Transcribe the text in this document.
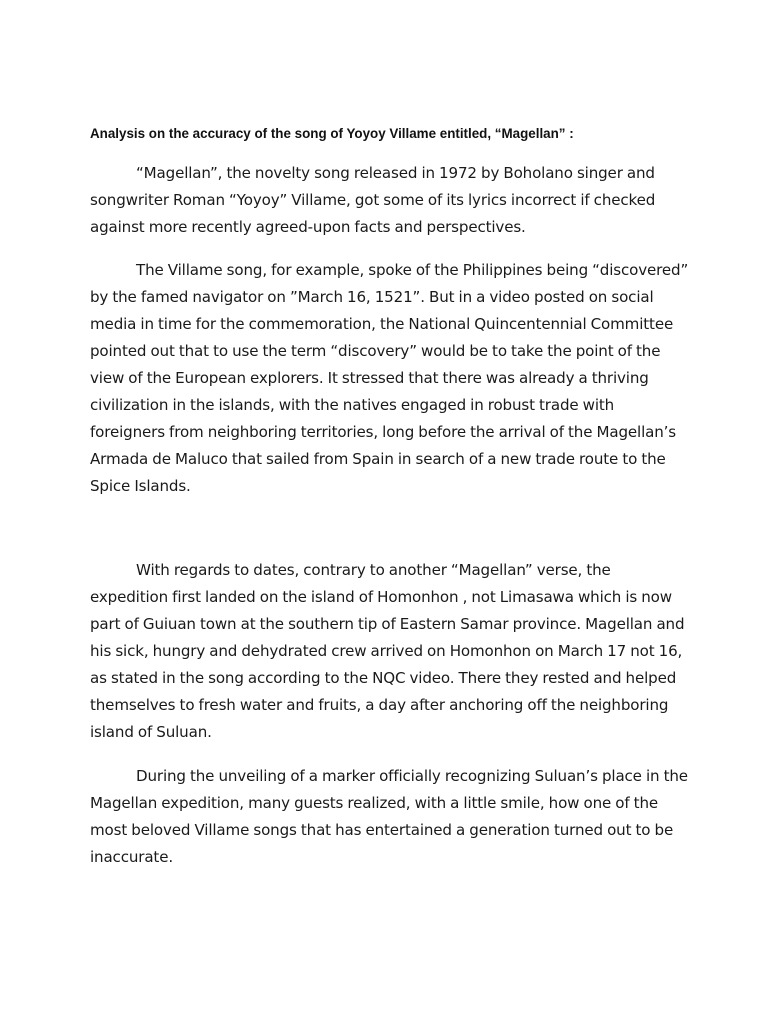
Analysis on the accuracy of the song of Yoyoy Villame entitled, “Magellan” :

“Magellan”, the novelty song released in 1972 by Boholano singer and songwriter Roman “Yoyoy” Villame, got some of its lyrics incorrect if checked against more recently agreed-upon facts and perspectives.

The Villame song, for example, spoke of the Philippines being “discovered” by the famed navigator on ”March 16, 1521”. But in a video posted on social media in time for the commemoration, the National Quincentennial Committee pointed out that to use the term “discovery” would be to take the point of the view of the European explorers. It stressed that there was already a thriving civilization in the islands, with the natives engaged in robust trade with foreigners from neighboring territories, long before the arrival of the Magellan’s Armada de Maluco that sailed from Spain in search of a new trade route to the Spice Islands.

With regards to dates, contrary to another “Magellan” verse, the expedition first landed on the island of Homonhon , not Limasawa which is now part of Guiuan town at the southern tip of Eastern Samar province. Magellan and his sick, hungry and dehydrated crew arrived on Homonhon on March 17 not 16, as stated in the song according to the NQC video. There they rested and helped themselves to fresh water and fruits, a day after anchoring off the neighboring island of Suluan.

During the unveiling of a marker officially recognizing Suluan’s place in the Magellan expedition, many guests realized, with a little smile, how one of the most beloved Villame songs that has entertained a generation turned out to be inaccurate.
